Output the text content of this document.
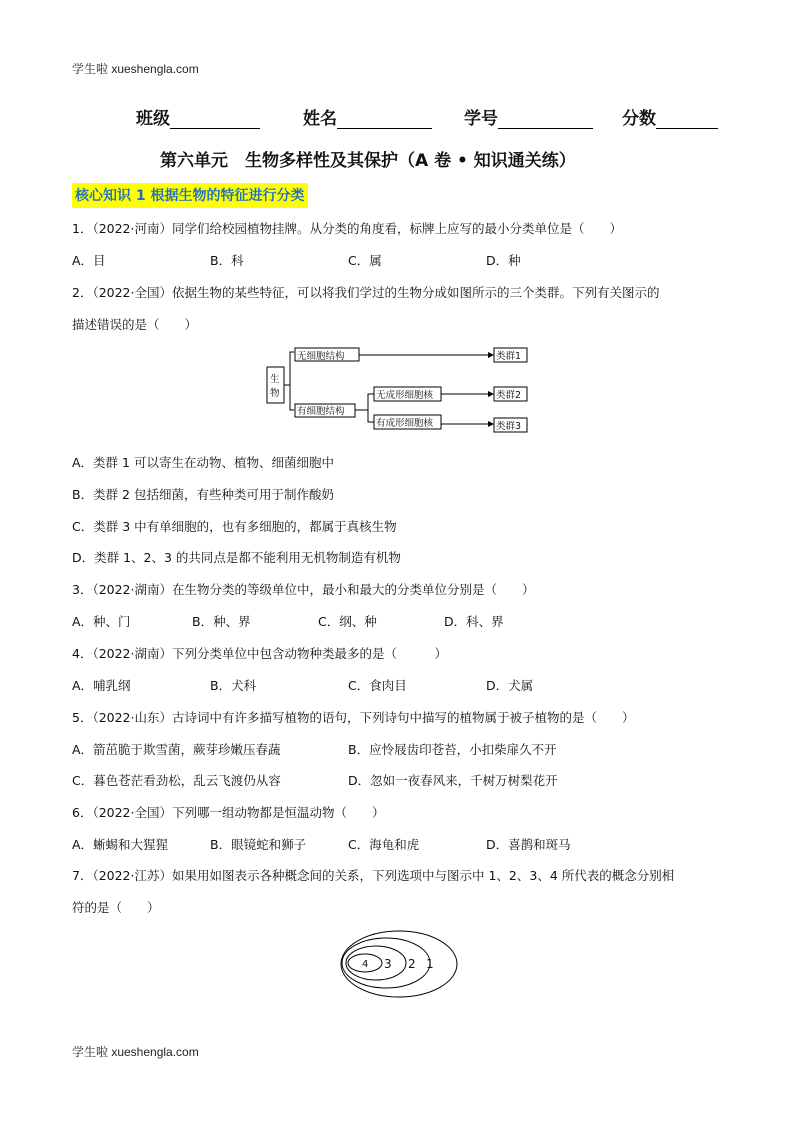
学生啦 xueshengla.com
学生啦 xueshengla.com
班级	姓名	学号	分数
第六单元　生物多样性及其保护（A 卷 • 知识通关练）
核心知识 1 根据生物的特征进行分类
1．（2022·河南）同学们给校园植物挂牌。从分类的角度看，标牌上应写的最小分类单位是（　　）
A．目	B．科	C．属	D．种
2．（2022·全国）依据生物的某些特征，可以将我们学过的生物分成如图所示的三个类群。下列有关图示的
描述错误的是（　　）
生
物
无细胞结构
有细胞结构
无成形细胞核
有成形细胞核
类群1
类群2
类群3
A．类群 1 可以寄生在动物、植物、细菌细胞中
B．类群 2 包括细菌，有些种类可用于制作酸奶
C．类群 3 中有单细胞的，也有多细胞的，都属于真核生物
D．类群 1、2、3 的共同点是都不能利用无机物制造有机物
3．（2022·湖南）在生物分类的等级单位中，最小和最大的分类单位分别是（　　）
A．种、门	B．种、界	C．纲、种	D．科、界
4．（2022·湖南）下列分类单位中包含动物种类最多的是（　　　）
A．哺乳纲	B．犬科	C．食肉目	D．犬属
5．（2022·山东）古诗词中有许多描写植物的语句，下列诗句中描写的植物属于被子植物的是（　　）
A．箭茁脆于欺雪菌，蕨芽珍嫩压春蔬	B．应怜屐齿印苍苔，小扣柴扉久不开
C．暮色苍茫看劲松，乱云飞渡仍从容	D．忽如一夜春风来，千树万树梨花开
6．（2022·全国）下列哪一组动物都是恒温动物（　　）
A．蜥蜴和大猩猩	B．眼镜蛇和狮子	C．海龟和虎	D．喜鹊和斑马
7．（2022·江苏）如果用如图表示各种概念间的关系，下列选项中与图示中 1、2、3、4 所代表的概念分别相
符的是（　　）
4 3 2 1
